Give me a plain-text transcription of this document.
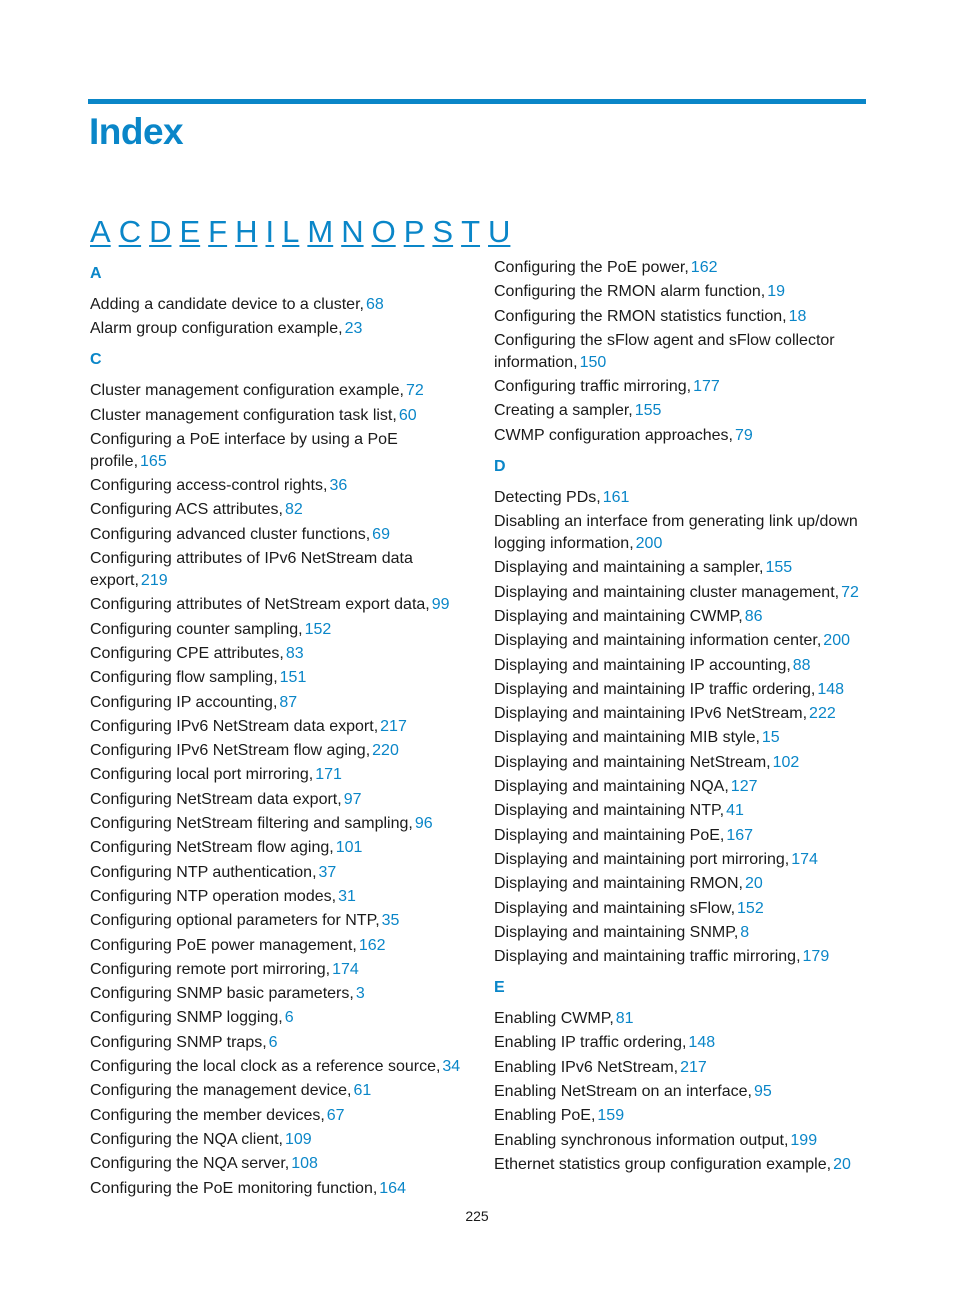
Index
A C D E F H I L M N O P S T U
A
Adding a candidate device to a cluster, 68
Alarm group configuration example, 23
C
Cluster management configuration example, 72
Cluster management configuration task list, 60
Configuring a PoE interface by using a PoE profile, 165
Configuring access-control rights, 36
Configuring ACS attributes, 82
Configuring advanced cluster functions, 69
Configuring attributes of IPv6 NetStream data export, 219
Configuring attributes of NetStream export data, 99
Configuring counter sampling, 152
Configuring CPE attributes, 83
Configuring flow sampling, 151
Configuring IP accounting, 87
Configuring IPv6 NetStream data export, 217
Configuring IPv6 NetStream flow aging, 220
Configuring local port mirroring, 171
Configuring NetStream data export, 97
Configuring NetStream filtering and sampling, 96
Configuring NetStream flow aging, 101
Configuring NTP authentication, 37
Configuring NTP operation modes, 31
Configuring optional parameters for NTP, 35
Configuring PoE power management, 162
Configuring remote port mirroring, 174
Configuring SNMP basic parameters, 3
Configuring SNMP logging, 6
Configuring SNMP traps, 6
Configuring the local clock as a reference source, 34
Configuring the management device, 61
Configuring the member devices, 67
Configuring the NQA client, 109
Configuring the NQA server, 108
Configuring the PoE monitoring function, 164
Configuring the PoE power, 162
Configuring the RMON alarm function, 19
Configuring the RMON statistics function, 18
Configuring the sFlow agent and sFlow collector information, 150
Configuring traffic mirroring, 177
Creating a sampler, 155
CWMP configuration approaches, 79
D
Detecting PDs, 161
Disabling an interface from generating link up/down logging information, 200
Displaying and maintaining a sampler, 155
Displaying and maintaining cluster management, 72
Displaying and maintaining CWMP, 86
Displaying and maintaining information center, 200
Displaying and maintaining IP accounting, 88
Displaying and maintaining IP traffic ordering, 148
Displaying and maintaining IPv6 NetStream, 222
Displaying and maintaining MIB style, 15
Displaying and maintaining NetStream, 102
Displaying and maintaining NQA, 127
Displaying and maintaining NTP, 41
Displaying and maintaining PoE, 167
Displaying and maintaining port mirroring, 174
Displaying and maintaining RMON, 20
Displaying and maintaining sFlow, 152
Displaying and maintaining SNMP, 8
Displaying and maintaining traffic mirroring, 179
E
Enabling CWMP, 81
Enabling IP traffic ordering, 148
Enabling IPv6 NetStream, 217
Enabling NetStream on an interface, 95
Enabling PoE, 159
Enabling synchronous information output, 199
Ethernet statistics group configuration example, 20
225
